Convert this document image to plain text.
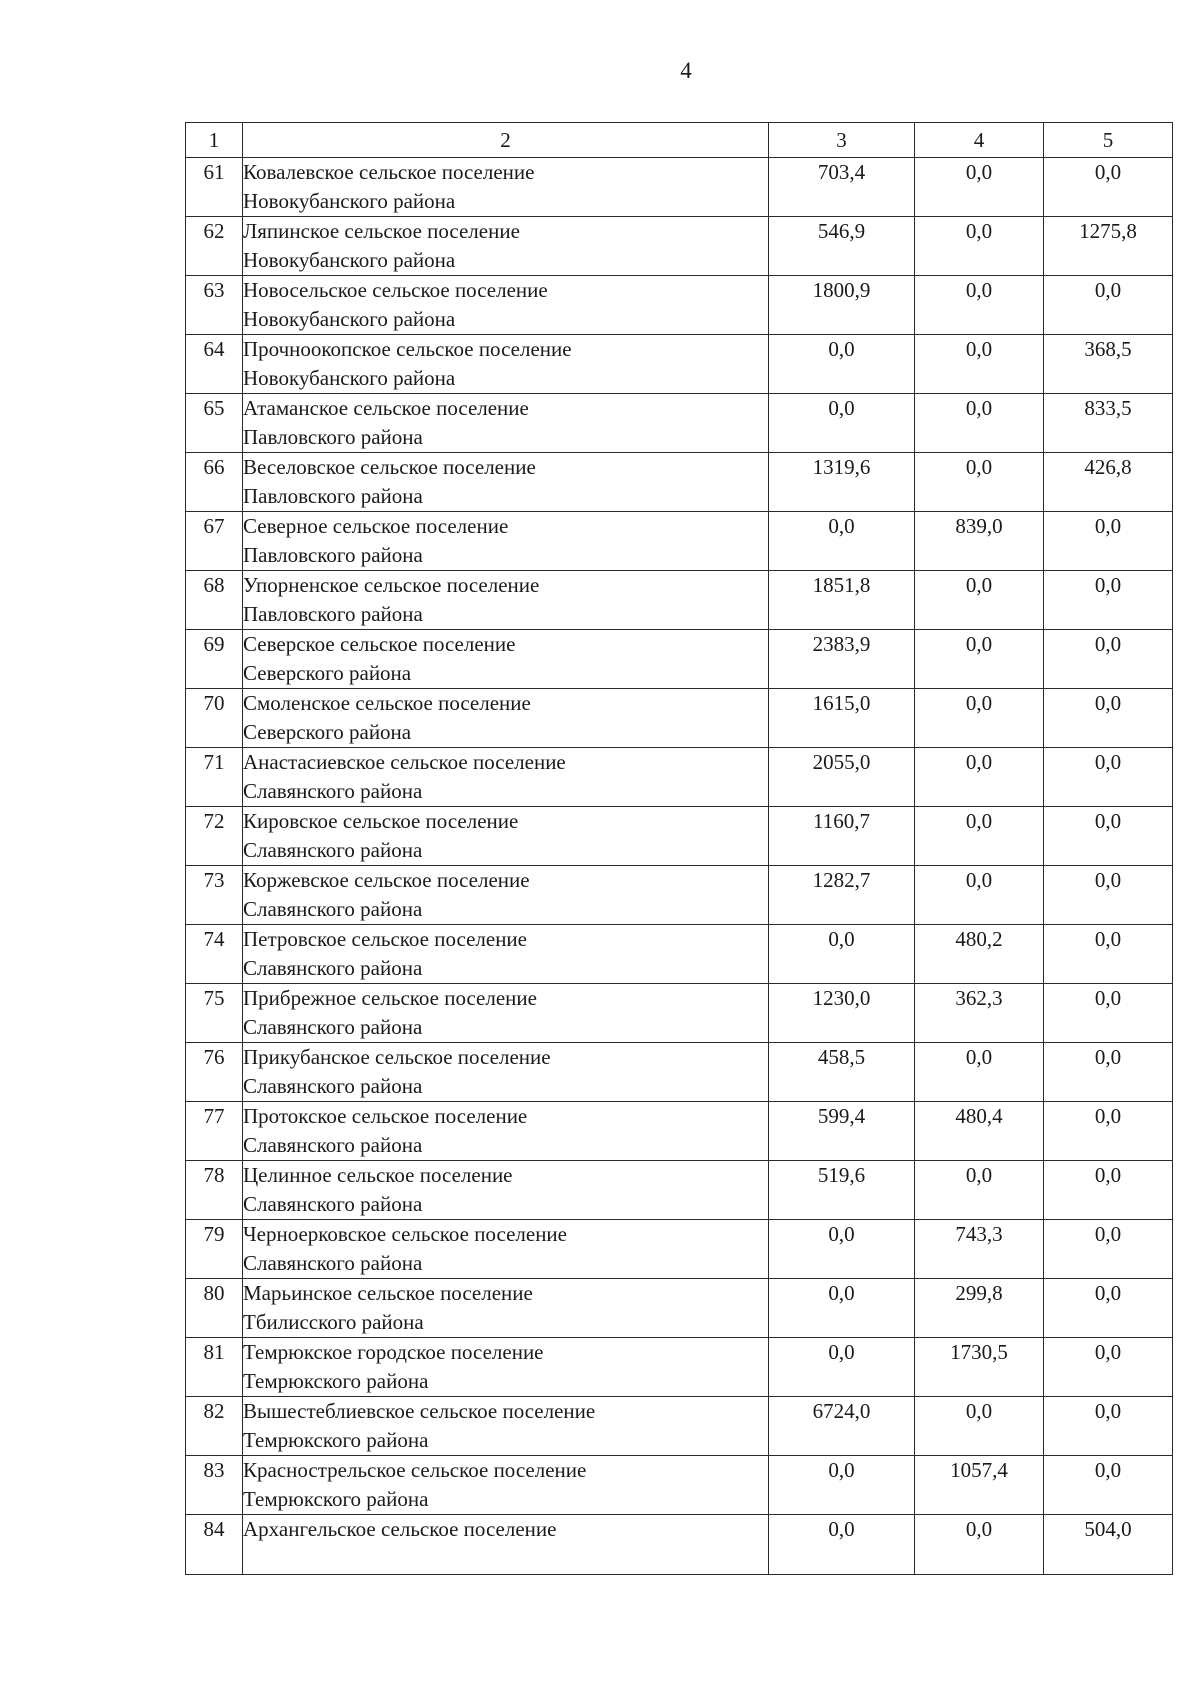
4
1	2	3	4	5
61	Ковалевское сельское поселение
Новокубанского района	703,4	0,0	0,0
62	Ляпинское сельское поселение
Новокубанского района	546,9	0,0	1275,8
63	Новосельское сельское поселение
Новокубанского района	1800,9	0,0	0,0
64	Прочноокопское сельское поселение
Новокубанского района	0,0	0,0	368,5
65	Атаманское сельское поселение
Павловского района	0,0	0,0	833,5
66	Веселовское сельское поселение
Павловского района	1319,6	0,0	426,8
67	Северное сельское поселение
Павловского района	0,0	839,0	0,0
68	Упорненское сельское поселение
Павловского района	1851,8	0,0	0,0
69	Северское сельское поселение
Северского района	2383,9	0,0	0,0
70	Смоленское сельское поселение
Северского района	1615,0	0,0	0,0
71	Анастасиевское сельское поселение
Славянского района	2055,0	0,0	0,0
72	Кировское сельское поселение
Славянского района	1160,7	0,0	0,0
73	Коржевское сельское поселение
Славянского района	1282,7	0,0	0,0
74	Петровское сельское поселение
Славянского района	0,0	480,2	0,0
75	Прибрежное сельское поселение
Славянского района	1230,0	362,3	0,0
76	Прикубанское сельское поселение
Славянского района	458,5	0,0	0,0
77	Протокское сельское поселение
Славянского района	599,4	480,4	0,0
78	Целинное сельское поселение
Славянского района	519,6	0,0	0,0
79	Черноерковское сельское поселение
Славянского района	0,0	743,3	0,0
80	Марьинское сельское поселение
Тбилисского района	0,0	299,8	0,0
81	Темрюкское городское поселение
Темрюкского района	0,0	1730,5	0,0
82	Вышестеблиевское сельское поселение
Темрюкского района	6724,0	0,0	0,0
83	Краснострельское сельское поселение
Темрюкского района	0,0	1057,4	0,0
84	Архангельское сельское поселение	0,0	0,0	504,0
